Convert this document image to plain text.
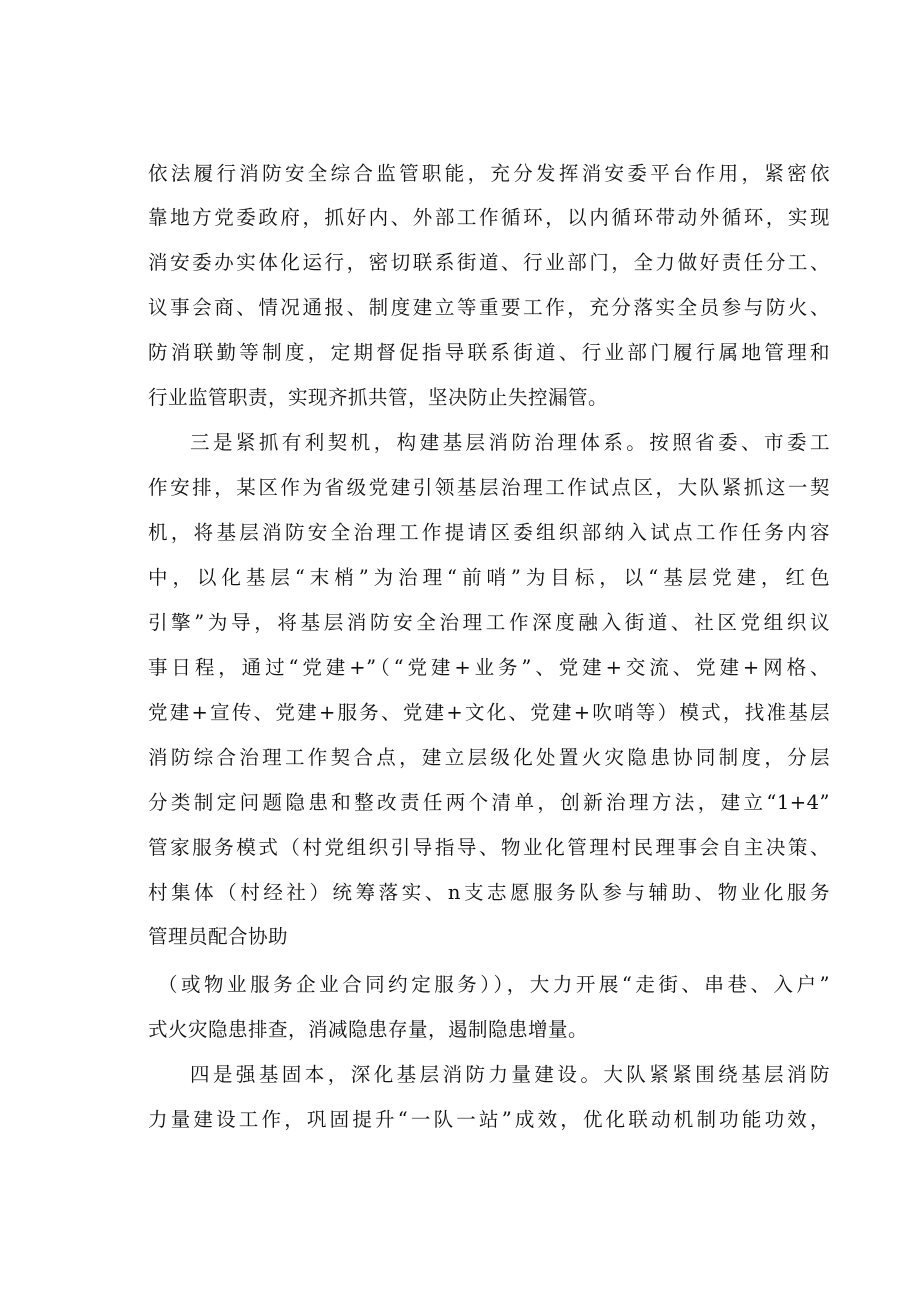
依法履行消防安全综合监管职能，充分发挥消安委平台作用，紧密依
靠地方党委政府，抓好内、外部工作循环，以内循环带动外循环，实现
消安委办实体化运行，密切联系街道、行业部门，全力做好责任分工、
议事会商、情况通报、制度建立等重要工作，充分落实全员参与防火、
防消联勤等制度，定期督促指导联系街道、行业部门履行属地管理和
行业监管职责，实现齐抓共管，坚决防止失控漏管。
三是紧抓有利契机，构建基层消防治理体系。按照省委、市委工
作安排，某区作为省级党建引领基层治理工作试点区，大队紧抓这一契
机，将基层消防安全治理工作提请区委组织部纳入试点工作任务内容
中，以化基层“末梢”为治理“前哨”为目标，以“基层党建，红色
引擎”为导，将基层消防安全治理工作深度融入街道、社区党组织议
事日程，通过“党建+”（“党建+业务”、党建+交流、党建+网格、
党建+宣传、党建+服务、党建+文化、党建+吹哨等）模式，找准基层
消防综合治理工作契合点，建立层级化处置火灾隐患协同制度，分层
分类制定问题隐患和整改责任两个清单，创新治理方法，建立“1+4”
管家服务模式（村党组织引导指导、物业化管理村民理事会自主决策、
村集体（村经社）统筹落实、n支志愿服务队参与辅助、物业化服务
管理员配合协助
（或物业服务企业合同约定服务）），大力开展“走街、串巷、入户”
式火灾隐患排查，消减隐患存量，遏制隐患增量。
四是强基固本，深化基层消防力量建设。大队紧紧围绕基层消防
力量建设工作，巩固提升“一队一站”成效，优化联动机制功能功效，
